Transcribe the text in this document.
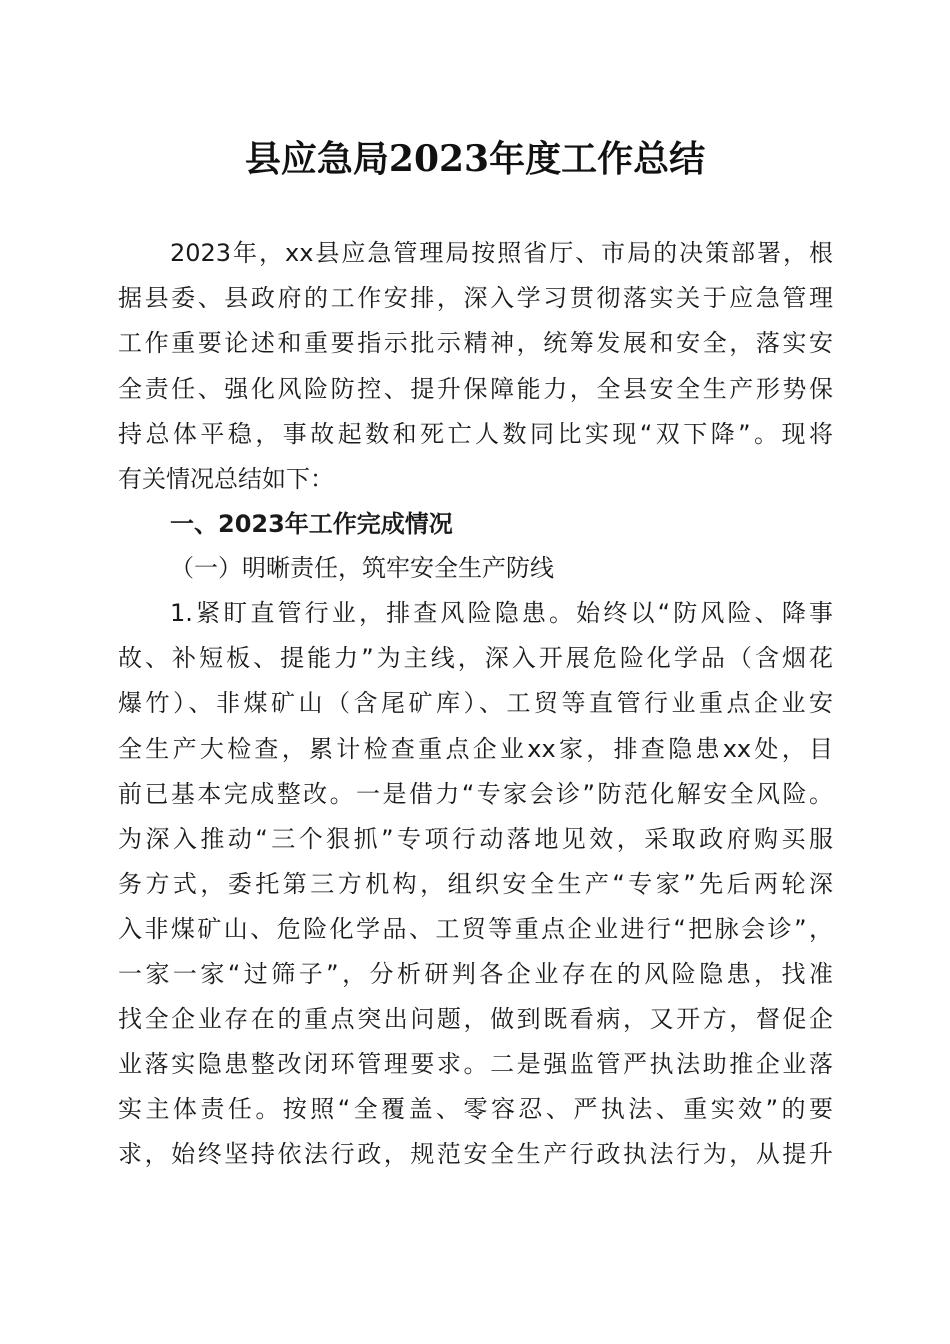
县应急局2023年度工作总结
2023年，xx县应急管理局按照省厅、市局的决策部署，根
据县委、县政府的工作安排，深入学习贯彻落实关于应急管理
工作重要论述和重要指示批示精神，统筹发展和安全，落实安
全责任、强化风险防控、提升保障能力，全县安全生产形势保
持总体平稳，事故起数和死亡人数同比实现“双下降”。现将
有关情况总结如下：
一、2023年工作完成情况
（一）明晰责任，筑牢安全生产防线
1.紧盯直管行业，排查风险隐患。始终以“防风险、降事
故、补短板、提能力”为主线，深入开展危险化学品（含烟花
爆竹）、非煤矿山（含尾矿库）、工贸等直管行业重点企业安
全生产大检查，累计检查重点企业xx家，排查隐患xx处，目
前已基本完成整改。一是借力“专家会诊”防范化解安全风险。
为深入推动“三个狠抓”专项行动落地见效，采取政府购买服
务方式，委托第三方机构，组织安全生产“专家”先后两轮深
入非煤矿山、危险化学品、工贸等重点企业进行“把脉会诊”，
一家一家“过筛子”，分析研判各企业存在的风险隐患，找准
找全企业存在的重点突出问题，做到既看病，又开方，督促企
业落实隐患整改闭环管理要求。二是强监管严执法助推企业落
实主体责任。按照“全覆盖、零容忍、严执法、重实效”的要
求，始终坚持依法行政，规范安全生产行政执法行为，从提升
